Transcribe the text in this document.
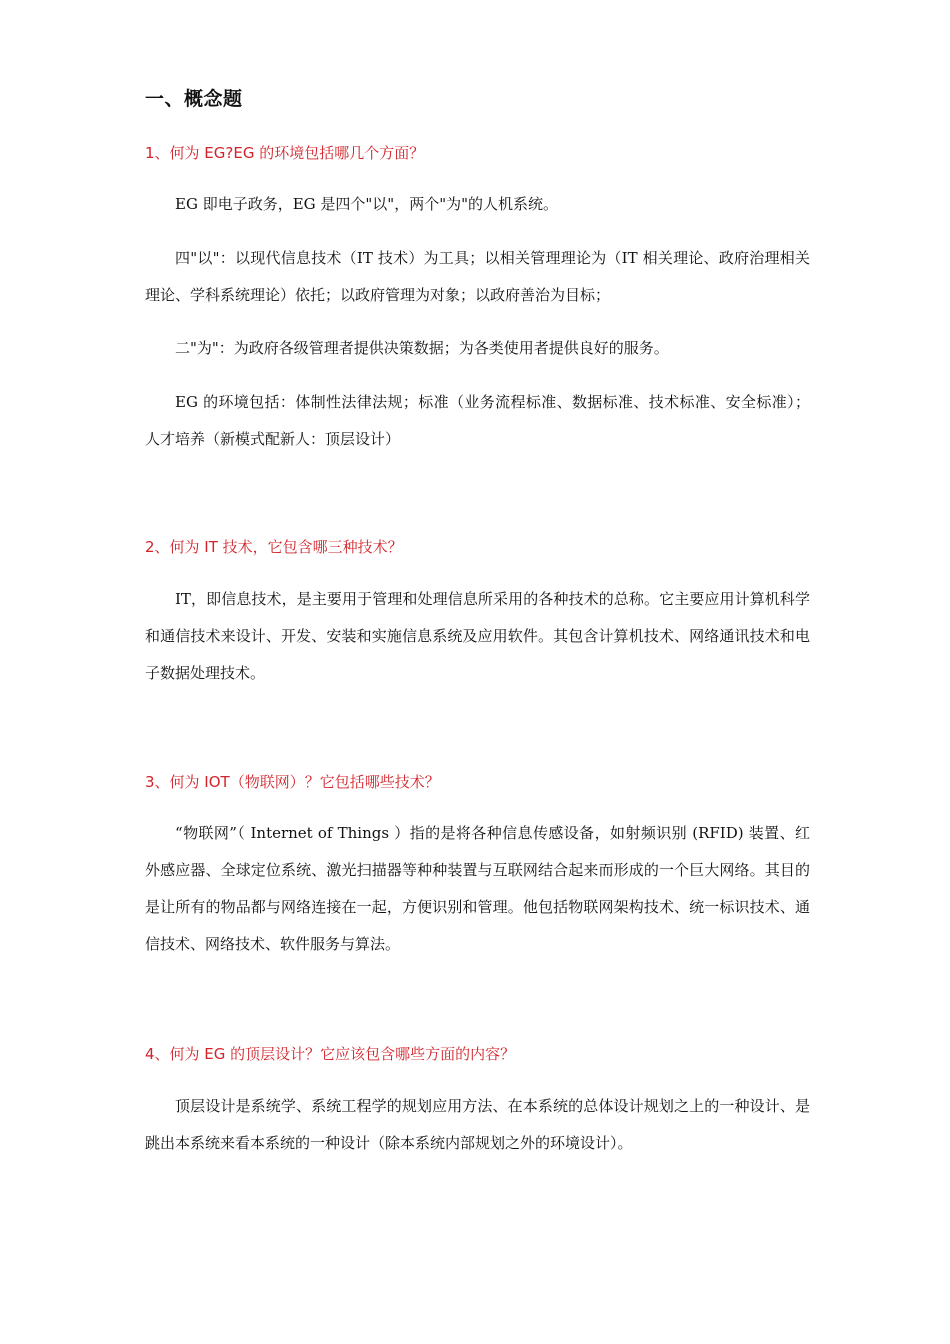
一、概念题
1、何为 EG?EG 的环境包括哪几个方面？
EG 即电子政务，EG 是四个"以"，两个"为"的人机系统。
四"以"：以现代信息技术（IT 技术）为工具；以相关管理理论为（IT 相关理论、政府治理相关理论、学科系统理论）依托；以政府管理为对象；以政府善治为目标；
二"为"：为政府各级管理者提供决策数据；为各类使用者提供良好的服务。
EG 的环境包括：体制性法律法规；标准（业务流程标准、数据标准、技术标准、安全标准）；人才培养（新模式配新人：顶层设计）
2、何为 IT 技术，它包含哪三种技术？
IT，即信息技术，是主要用于管理和处理信息所采用的各种技术的总称。它主要应用计算机科学和通信技术来设计、开发、安装和实施信息系统及应用软件。其包含计算机技术、网络通讯技术和电子数据处理技术。
3、何为 IOT（物联网）？它包括哪些技术？
“物联网”（ Internet of Things ）指的是将各种信息传感设备，如射频识别 (RFID) 装置、红外感应器、全球定位系统、激光扫描器等种种装置与互联网结合起来而形成的一个巨大网络。其目的是让所有的物品都与网络连接在一起，方便识别和管理。他包括物联网架构技术、统一标识技术、通信技术、网络技术、软件服务与算法。
4、何为 EG 的顶层设计？它应该包含哪些方面的内容？
顶层设计是系统学、系统工程学的规划应用方法、在本系统的总体设计规划之上的一种设计、是跳出本系统来看本系统的一种设计（除本系统内部规划之外的环境设计）。
